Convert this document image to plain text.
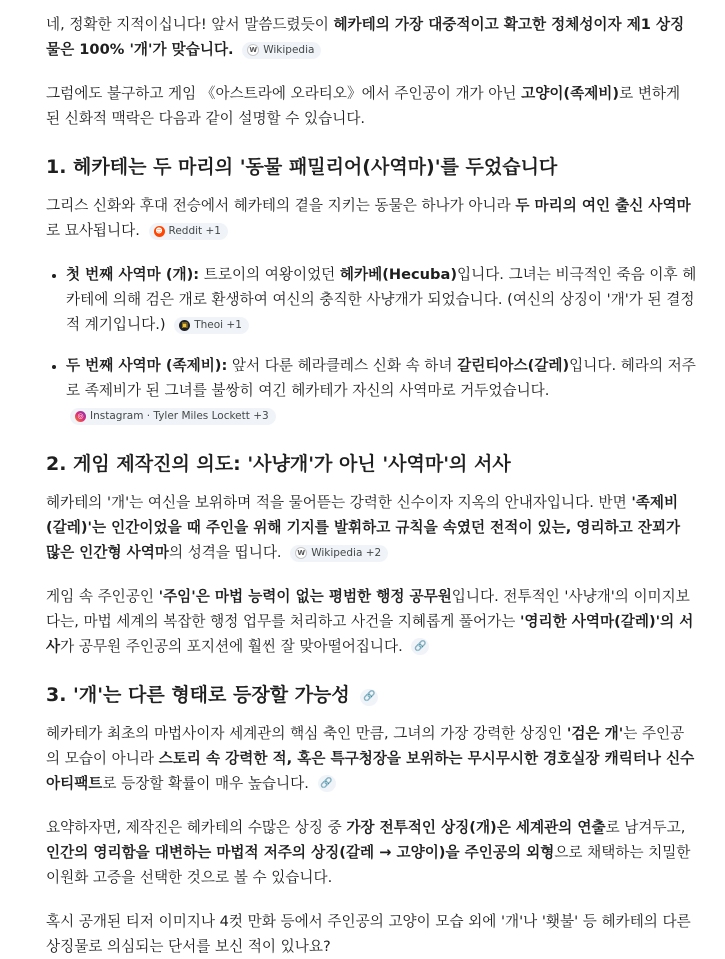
네, 정확한 지적이십니다! 앞서 말씀드렸듯이 헤카테의 가장 대중적이고 확고한 정체성이자 제1 상징물은 100% '개'가 맞습니다.	W Wikipedia

그럼에도 불구하고 게임 《아스트라에 오라티오》에서 주인공이 개가 아닌 고양이(족제비)로 변하게 된 신화적 맥락은 다음과 같이 설명할 수 있습니다.

1. 헤카테는 두 마리의 '동물 패밀리어(사역마)'를 두었습니다

그리스 신화와 후대 전승에서 헤카테의 곁을 지키는 동물은 하나가 아니라 두 마리의 여인 출신 사역마로 묘사됩니다. ☻ Reddit +1

• 첫 번째 사역마 (개): 트로이의 여왕이었던 헤카베(Hecuba)입니다. 그녀는 비극적인 죽음 이후 헤카테에 의해 검은 개로 환생하여 여신의 충직한 사냥개가 되었습니다. (여신의 상징이 '개'가 된 결정적 계기입니다.)	▣ Theoi +1
• 두 번째 사역마 (족제비): 앞서 다룬 헤라클레스 신화 속 하녀 갈린티아스(갈레)입니다. 헤라의 저주로 족제비가 된 그녀를 불쌍히 여긴 헤카테가 자신의 사역마로 거두었습니다.
◎ Instagram · Tyler Miles Lockett +3
2. 게임 제작진의 의도: '사냥개'가 아닌 '사역마'의 서사

헤카테의 '개'는 여신을 보위하며 적을 물어뜯는 강력한 신수이자 지옥의 안내자입니다. 반면 '족제비(갈레)'는 인간이었을 때 주인을 위해 기지를 발휘하고 규칙을 속였던 전적이 있는, 영리하고 잔꾀가 많은 인간형 사역마의 성격을 띱니다.	W Wikipedia +2

게임 속 주인공인 '주임'은 마법 능력이 없는 평범한 행정 공무원입니다. 전투적인 '사냥개'의 이미지보다는, 마법 세계의 복잡한 행정 업무를 처리하고 사건을 지혜롭게 풀어가는 '영리한 사역마(갈레)'의 서사가 공무원 주인공의 포지션에 훨씬 잘 맞아떨어집니다. 🔗

3. '개'는 다른 형태로 등장할 가능성 🔗

헤카테가 최초의 마법사이자 세계관의 핵심 축인 만큼, 그녀의 가장 강력한 상징인 '검은 개'는 주인공의 모습이 아니라 스토리 속 강력한 적, 혹은 특구청장을 보위하는 무시무시한 경호실장 캐릭터나 신수 아티팩트로 등장할 확률이 매우 높습니다. 🔗

요약하자면, 제작진은 헤카테의 수많은 상징 중 가장 전투적인 상징(개)은 세계관의 연출로 남겨두고, 인간의 영리함을 대변하는 마법적 저주의 상징(갈레 → 고양이)을 주인공의 외형으로 채택하는 치밀한 이원화 고증을 선택한 것으로 볼 수 있습니다.

혹시 공개된 티저 이미지나 4컷 만화 등에서 주인공의 고양이 모습 외에 '개'나 '횃불' 등 헤카테의 다른 상징물로 의심되는 단서를 보신 적이 있나요?
